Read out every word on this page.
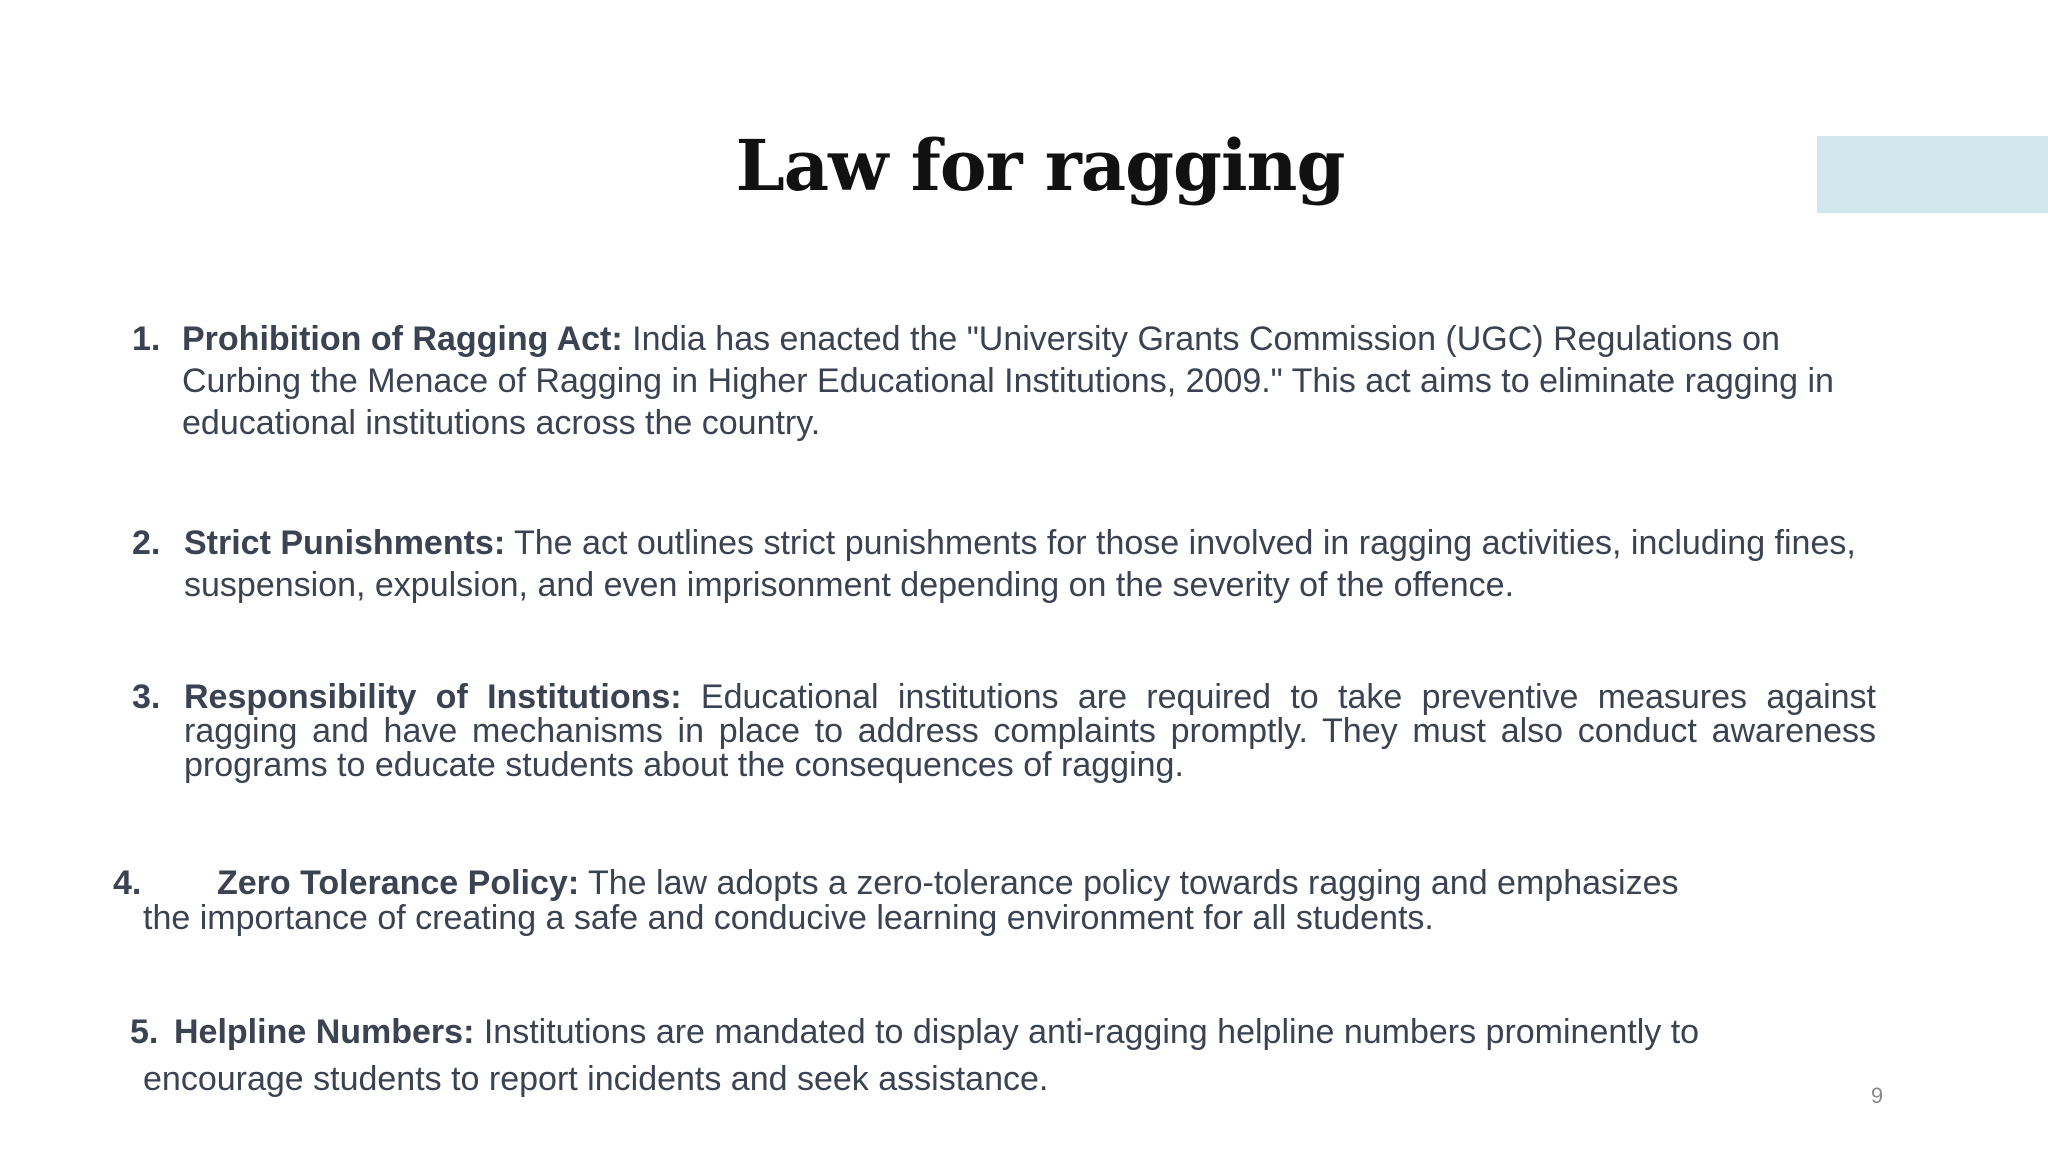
Law for ragging
1. Prohibition of Ragging Act: India has enacted the "University Grants Commission (UGC) Regulations on Curbing the Menace of Ragging in Higher Educational Institutions, 2009." This act aims to eliminate ragging in educational institutions across the country.
2. Strict Punishments: The act outlines strict punishments for those involved in ragging activities, including fines, suspension, expulsion, and even imprisonment depending on the severity of the offence.
3. Responsibility of Institutions: Educational institutions are required to take preventive measures against ragging and have mechanisms in place to address complaints promptly. They must also conduct awareness programs to educate students about the consequences of ragging.
4. Zero Tolerance Policy: The law adopts a zero-tolerance policy towards ragging and emphasizes
the importance of creating a safe and conducive learning environment for all students.
5. Helpline Numbers: Institutions are mandated to display anti-ragging helpline numbers prominently to
encourage students to report incidents and seek assistance.	9
